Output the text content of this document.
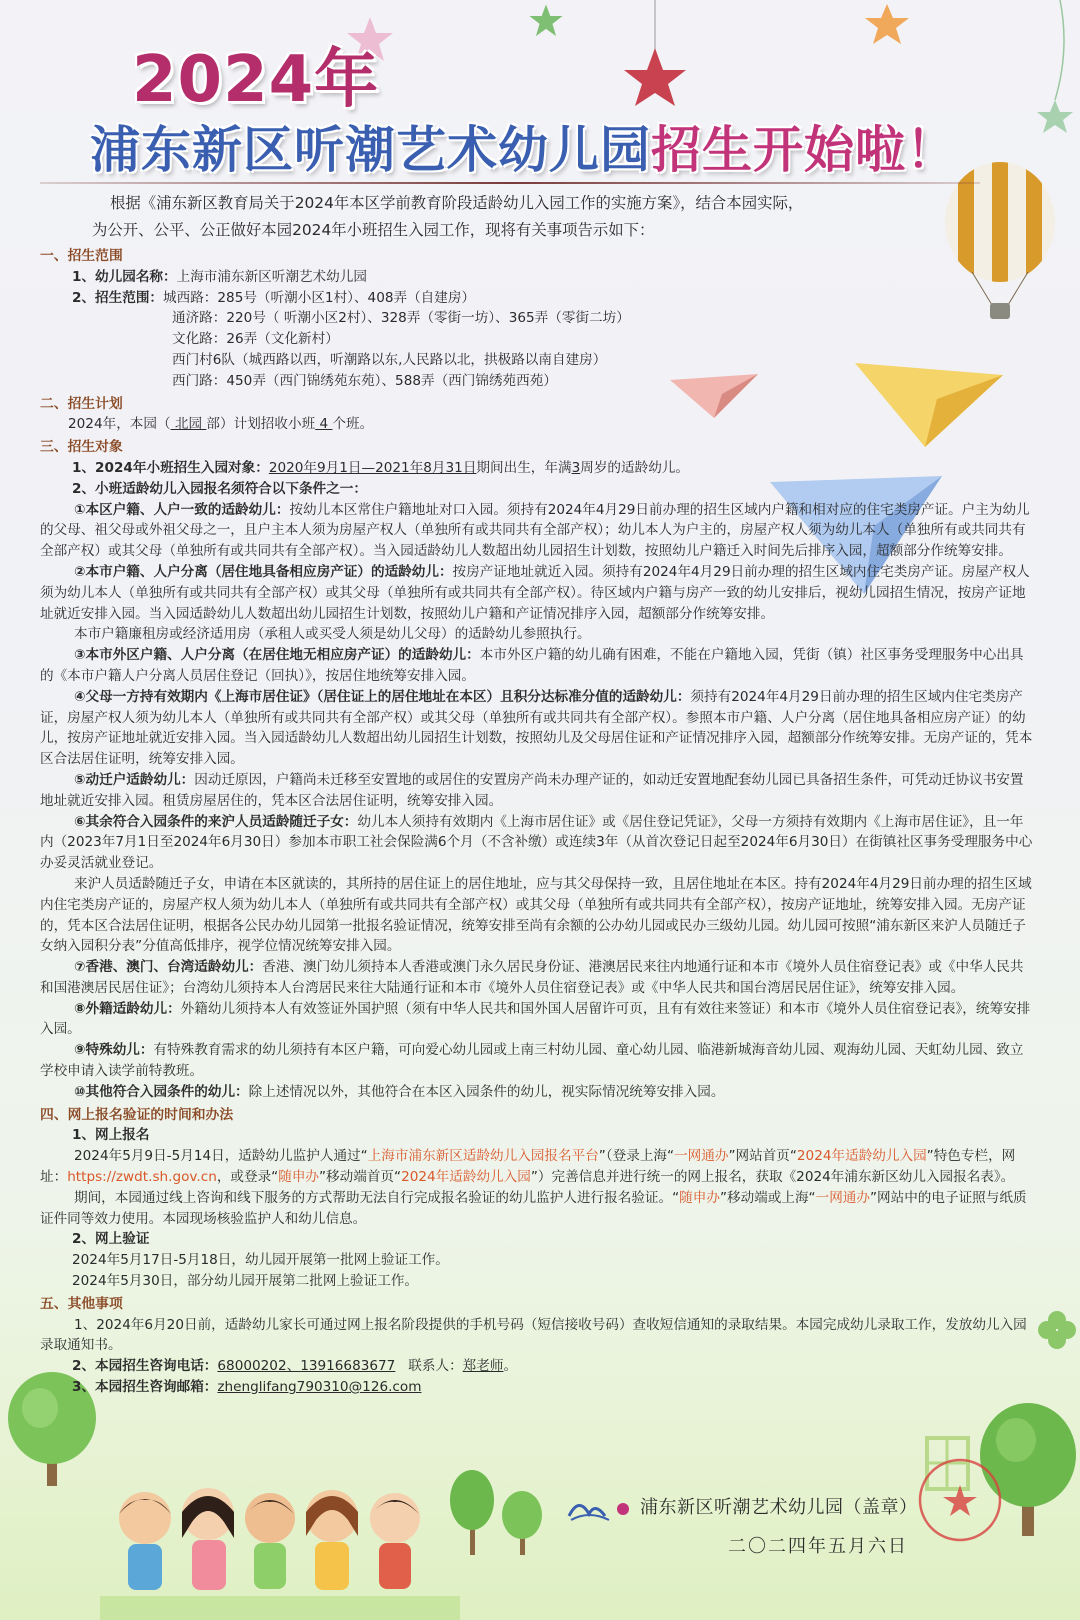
2024年
浦东新区听潮艺术幼儿园招生开始啦！

根据《浦东新区教育局关于2024年本区学前教育阶段适龄幼儿入园工作的实施方案》，结合本园实际，

为公开、公平、公正做好本园2024年小班招生入园工作，现将有关事项告示如下：

一、招生范围
1、幼儿园名称：上海市浦东新区听潮艺术幼儿园
2、招生范围：城西路：285号（听潮小区1村）、408弄（自建房）
通济路：220号（ 听潮小区2村）、328弄（零街一坊）、365弄（零街二坊）
文化路：26弄（文化新村）
西门村6队（城西路以西，听潮路以东,人民路以北，拱极路以南自建房）
西门路：450弄（西门锦绣苑东苑）、588弄（西门锦绣苑西苑）
二、招生计划
2024年，本园（ 北园 部）计划招收小班 4 个班。
三、招生对象
1、2024年小班招生入园对象：2020年9月1日—2021年8月31日期间出生，年满3周岁的适龄幼儿。
2、小班适龄幼儿入园报名须符合以下条件之一：
①本区户籍、人户一致的适龄幼儿：按幼儿本区常住户籍地址对口入园。须持有2024年4月29日前办理的招生区域内户籍和相对应的住宅类房产证。户主为幼儿的父母、祖父母或外祖父母之一，且户主本人须为房屋产权人（单独所有或共同共有全部产权）；幼儿本人为户主的，房屋产权人须为幼儿本人（单独所有或共同共有全部产权）或其父母（单独所有或共同共有全部产权）。当入园适龄幼儿人数超出幼儿园招生计划数，按照幼儿户籍迁入时间先后排序入园，超额部分作统筹安排。
②本市户籍、人户分离（居住地具备相应房产证）的适龄幼儿：按房产证地址就近入园。须持有2024年4月29日前办理的招生区域内住宅类房产证。房屋产权人须为幼儿本人（单独所有或共同共有全部产权）或其父母（单独所有或共同共有全部产权）。待区域内户籍与房产一致的幼儿安排后，视幼儿园招生情况，按房产证地址就近安排入园。当入园适龄幼儿人数超出幼儿园招生计划数，按照幼儿户籍和产证情况排序入园，超额部分作统筹安排。
本市户籍廉租房或经济适用房（承租人或买受人须是幼儿父母）的适龄幼儿参照执行。
③本市外区户籍、人户分离（在居住地无相应房产证）的适龄幼儿：本市外区户籍的幼儿确有困难，不能在户籍地入园，凭街（镇）社区事务受理服务中心出具的《本市户籍人户分离人员居住登记（回执）》，按居住地统筹安排入园。
④父母一方持有效期内《上海市居住证》（居住证上的居住地址在本区）且积分达标准分值的适龄幼儿：须持有2024年4月29日前办理的招生区域内住宅类房产证，房屋产权人须为幼儿本人（单独所有或共同共有全部产权）或其父母（单独所有或共同共有全部产权）。参照本市户籍、人户分离（居住地具备相应房产证）的幼儿，按房产证地址就近安排入园。当入园适龄幼儿人数超出幼儿园招生计划数，按照幼儿及父母居住证和产证情况排序入园，超额部分作统筹安排。无房产证的，凭本区合法居住证明，统筹安排入园。
⑤动迁户适龄幼儿：因动迁原因，户籍尚未迁移至安置地的或居住的安置房产尚未办理产证的，如动迁安置地配套幼儿园已具备招生条件，可凭动迁协议书安置地址就近安排入园。租赁房屋居住的，凭本区合法居住证明，统筹安排入园。
⑥其余符合入园条件的来沪人员适龄随迁子女：幼儿本人须持有效期内《上海市居住证》或《居住登记凭证》，父母一方须持有效期内《上海市居住证》，且一年内（2023年7月1日至2024年6月30日）参加本市职工社会保险满6个月（不含补缴）或连续3年（从首次登记日起至2024年6月30日）在街镇社区事务受理服务中心办妥灵活就业登记。
来沪人员适龄随迁子女，申请在本区就读的，其所持的居住证上的居住地址，应与其父母保持一致，且居住地址在本区。持有2024年4月29日前办理的招生区域内住宅类房产证的，房屋产权人须为幼儿本人（单独所有或共同共有全部产权）或其父母（单独所有或共同共有全部产权），按房产证地址，统筹安排入园。无房产证的，凭本区合法居住证明，根据各公民办幼儿园第一批报名验证情况，统筹安排至尚有余额的公办幼儿园或民办三级幼儿园。幼儿园可按照“浦东新区来沪人员随迁子女纳入园积分表”分值高低排序，视学位情况统筹安排入园。
⑦香港、澳门、台湾适龄幼儿：香港、澳门幼儿须持本人香港或澳门永久居民身份证、港澳居民来往内地通行证和本市《境外人员住宿登记表》或《中华人民共和国港澳居民居住证》；台湾幼儿须持本人台湾居民来往大陆通行证和本市《境外人员住宿登记表》或《中华人民共和国台湾居民居住证》，统筹安排入园。
⑧外籍适龄幼儿：外籍幼儿须持本人有效签证外国护照（须有中华人民共和国外国人居留许可页，且有有效往来签证）和本市《境外人员住宿登记表》，统筹安排入园。
⑨特殊幼儿：有特殊教育需求的幼儿须持有本区户籍，可向爱心幼儿园或上南三村幼儿园、童心幼儿园、临港新城海音幼儿园、观海幼儿园、天虹幼儿园、致立学校申请入读学前特教班。
⑩其他符合入园条件的幼儿：除上述情况以外，其他符合在本区入园条件的幼儿，视实际情况统筹安排入园。
四、网上报名验证的时间和办法
1、网上报名
2024年5月9日-5月14日，适龄幼儿监护人通过“上海市浦东新区适龄幼儿入园报名平台”（登录上海“一网通办”网站首页“2024年适龄幼儿入园”特色专栏，网址：https://zwdt.sh.gov.cn，或登录“随申办”移动端首页“2024年适龄幼儿入园”）完善信息并进行统一的网上报名，获取《2024年浦东新区幼儿入园报名表》。
期间，本园通过线上咨询和线下服务的方式帮助无法自行完成报名验证的幼儿监护人进行报名验证。“随申办”移动端或上海“一网通办”网站中的电子证照与纸质证件同等效力使用。本园现场核验监护人和幼儿信息。
2、网上验证
2024年5月17日-5月18日，幼儿园开展第一批网上验证工作。
2024年5月30日，部分幼儿园开展第二批网上验证工作。
五、其他事项
1、2024年6月20日前，适龄幼儿家长可通过网上报名阶段提供的手机号码（短信接收号码）查收短信通知的录取结果。本园完成幼儿录取工作，发放幼儿入园录取通知书。
2、本园招生咨询电话：68000202、13916683677 联系人：郑老师。
3、本园招生咨询邮箱：zhenglifang790310@126.com
浦东新区听潮艺术幼儿园（盖章）
二〇二四年五月六日
